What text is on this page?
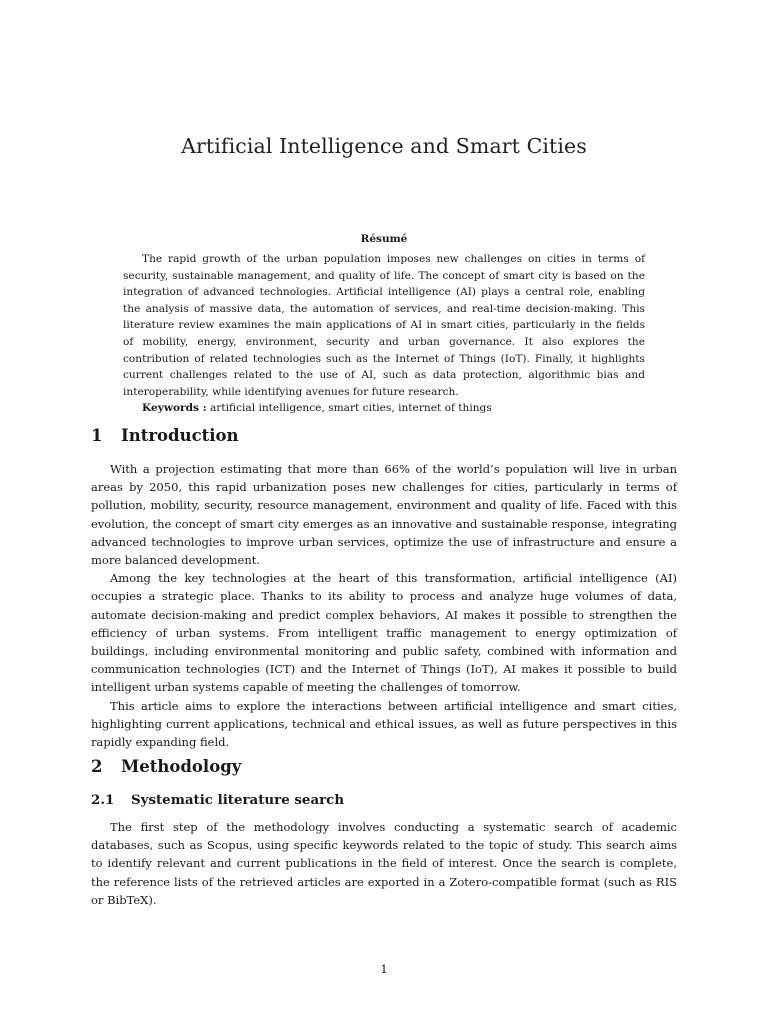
Artificial Intelligence and Smart Cities
Résumé

The rapid growth of the urban population imposes new challenges on cities in terms of security, sustainable management, and quality of life. The concept of smart city is based on the integration of advanced technologies. Artificial intelligence (AI) plays a central role, enabling the analysis of massive data, the automation of services, and real-time decision-making. This literature review examines the main applications of AI in smart cities, particularly in the fields of mobility, energy, environment, security and urban governance. It also explores the contribution of related technologies such as the Internet of Things (IoT). Finally, it highlights current challenges related to the use of AI, such as data protection, algorithmic bias and interoperability, while identifying avenues for future research.

Keywords : artificial intelligence, smart cities, internet of things

1 Introduction

With a projection estimating that more than 66% of the world’s population will live in urban areas by 2050, this rapid urbanization poses new challenges for cities, particularly in terms of pollution, mobility, security, resource management, environment and quality of life. Faced with this evolution, the concept of smart city emerges as an innovative and sustainable response, integrating advanced technologies to improve urban services, optimize the use of infrastructure and ensure a more balanced development.

Among the key technologies at the heart of this transformation, artificial intelligence (AI) occupies a strategic place. Thanks to its ability to process and analyze huge volumes of data, automate decision-making and predict complex behaviors, AI makes it possible to strengthen the efficiency of urban systems. From intelligent traffic management to energy optimization of buildings, including environmental monitoring and public safety, combined with information and communication technologies (ICT) and the Internet of Things (IoT), AI makes it possible to build intelligent urban systems capable of meeting the challenges of tomorrow.

This article aims to explore the interactions between artificial intelligence and smart cities, highlighting current applications, technical and ethical issues, as well as future perspectives in this rapidly expanding field.

2 Methodology
2.1 Systematic literature search

The first step of the methodology involves conducting a systematic search of academic databases, such as Scopus, using specific keywords related to the topic of study. This search aims to identify relevant and current publications in the field of interest. Once the search is complete, the reference lists of the retrieved articles are exported in a Zotero-compatible format (such as RIS or BibTeX).

1
